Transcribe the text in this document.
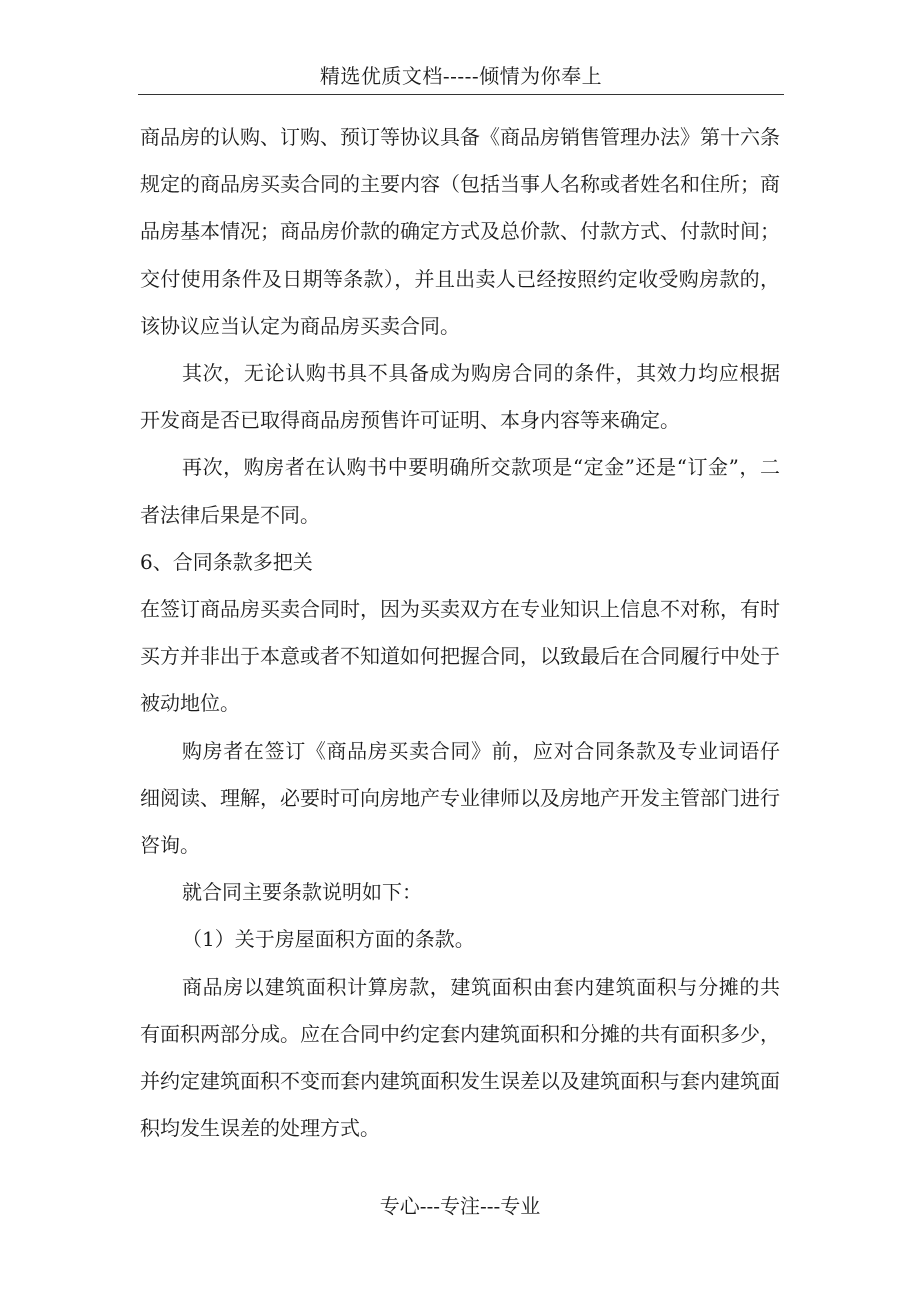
精选优质文档-----倾情为你奉上

商品房的认购、订购、预订等协议具备《商品房销售管理办法》第十六条规定的商品房买卖合同的主要内容（包括当事人名称或者姓名和住所；商品房基本情况；商品房价款的确定方式及总价款、付款方式、付款时间；交付使用条件及日期等条款），并且出卖人已经按照约定收受购房款的，该协议应当认定为商品房买卖合同。

其次，无论认购书具不具备成为购房合同的条件，其效力均应根据开发商是否已取得商品房预售许可证明、本身内容等来确定。

再次，购房者在认购书中要明确所交款项是“定金”还是“订金”，二者法律后果是不同。

6、合同条款多把关

在签订商品房买卖合同时，因为买卖双方在专业知识上信息不对称，有时买方并非出于本意或者不知道如何把握合同，以致最后在合同履行中处于被动地位。

购房者在签订《商品房买卖合同》前，应对合同条款及专业词语仔细阅读、理解，必要时可向房地产专业律师以及房地产开发主管部门进行咨询。

就合同主要条款说明如下：

（1）关于房屋面积方面的条款。

商品房以建筑面积计算房款，建筑面积由套内建筑面积与分摊的共有面积两部分成。应在合同中约定套内建筑面积和分摊的共有面积多少，并约定建筑面积不变而套内建筑面积发生误差以及建筑面积与套内建筑面积均发生误差的处理方式。

专心---专注---专业
